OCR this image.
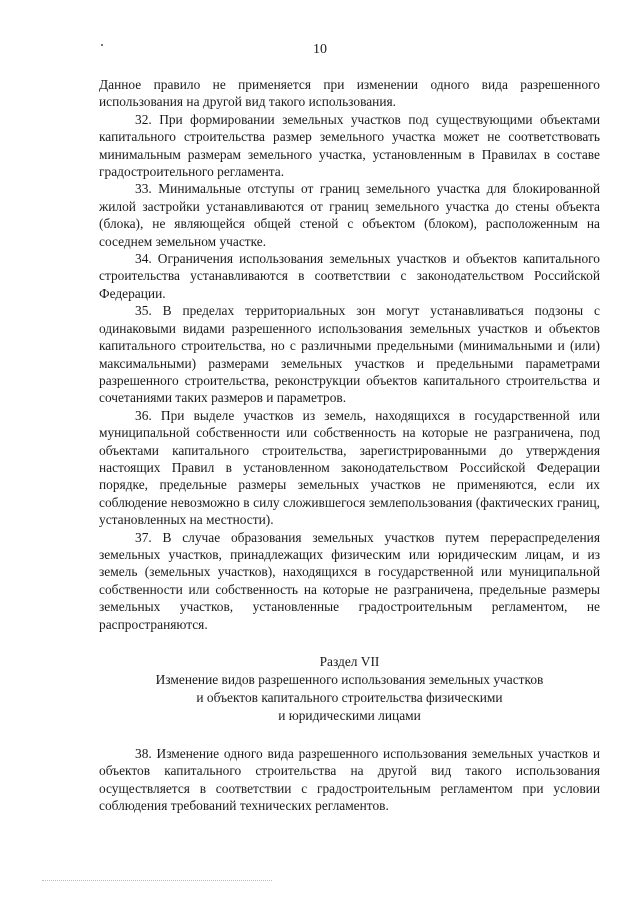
10

Данное правило не применяется при изменении одного вида разрешенного использования на другой вид такого использования.

32. При формировании земельных участков под существующими объектами капитального строительства размер земельного участка может не соответствовать минимальным размерам земельного участка, установленным в Правилах в составе градостроительного регламента.

33. Минимальные отступы от границ земельного участка для блокированной жилой застройки устанавливаются от границ земельного участка до стены объекта (блока), не являющейся общей стеной с объектом (блоком), расположенным на соседнем земельном участке.

34. Ограничения использования земельных участков и объектов капитального строительства устанавливаются в соответствии с законодательством Российской Федерации.

35. В пределах территориальных зон могут устанавливаться подзоны с одинаковыми видами разрешенного использования земельных участков и объектов капитального строительства, но с различными предельными (минимальными и (или) максимальными) размерами земельных участков и предельными параметрами разрешенного строительства, реконструкции объектов капитального строительства и сочетаниями таких размеров и параметров.

36. При выделе участков из земель, находящихся в государственной или муниципальной собственности или собственность на которые не разграничена, под объектами капитального строительства, зарегистрированными до утверждения настоящих Правил в установленном законодательством Российской Федерации порядке, предельные размеры земельных участков не применяются, если их соблюдение невозможно в силу сложившегося землепользования (фактических границ, установленных на местности).

37. В случае образования земельных участков путем перераспределения земельных участков, принадлежащих физическим или юридическим лицам, и из земель (земельных участков), находящихся в государственной или муниципальной собственности или собственность на которые не разграничена, предельные размеры земельных участков, установленные градостроительным регламентом, не распространяются.

Раздел VII

Изменение видов разрешенного использования земельных участков

и объектов капитального строительства физическими

и юридическими лицами

38. Изменение одного вида разрешенного использования земельных участков и объектов капитального строительства на другой вид такого использования осуществляется в соответствии с градостроительным регламентом при условии соблюдения требований технических регламентов.
